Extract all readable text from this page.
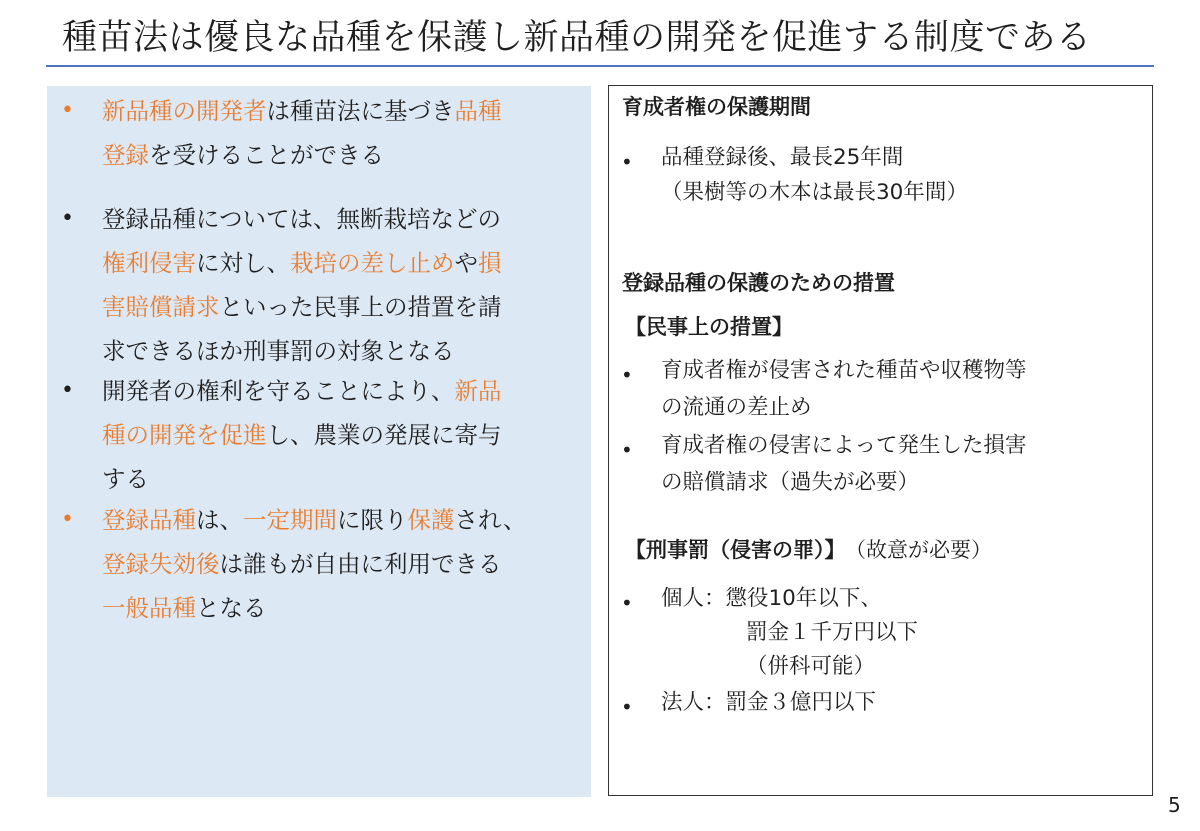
種苗法は優良な品種を保護し新品種の開発を促進する制度である
• 新品種の開発者は種苗法に基づき品種
登録を受けることができる
• 登録品種については、無断栽培などの
権利侵害に対し、栽培の差し止めや損
害賠償請求といった民事上の措置を請
求できるほか刑事罰の対象となる
• 開発者の権利を守ることにより、新品
種の開発を促進し、農業の発展に寄与
する
• 登録品種は、一定期間に限り保護され、
登録失効後は誰もが自由に利用できる
一般品種となる
育成者権の保護期間
• 品種登録後、最長25年間
（果樹等の木本は最長30年間）
登録品種の保護のための措置
【民事上の措置】
• 育成者権が侵害された種苗や収穫物等
の流通の差止め
• 育成者権の侵害によって発生した損害
の賠償請求（過失が必要）
【刑事罰（侵害の罪）】 （故意が必要）
• 個人：懲役10年以下、
罰金１千万円以下
（併科可能）
• 法人：罰金３億円以下
5
